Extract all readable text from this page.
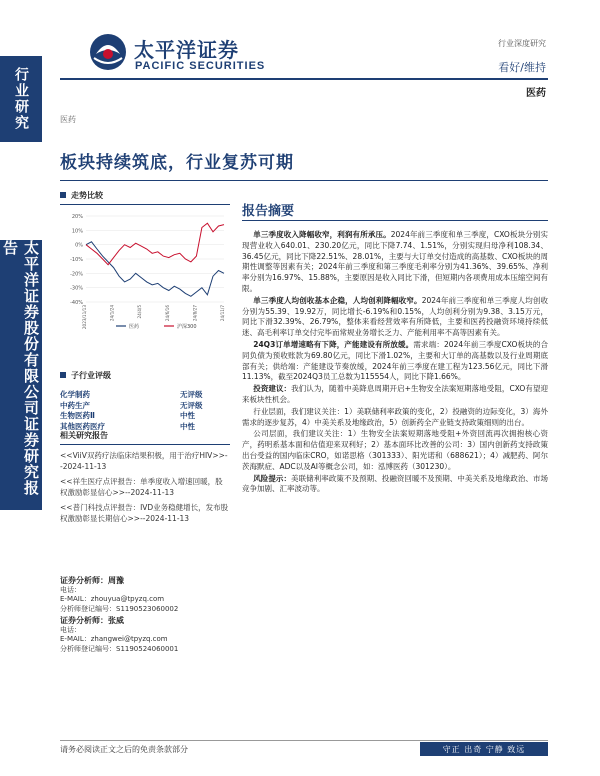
行业研究
太平洋证券股份有限公司证券研究报告
太平洋证券
PACIFIC SECURITIES
行业深度研究
看好/维持
医药
医药
板块持续筑底，行业复苏可期
走势比较
20%
10%
0%
-10%
-20%
-30%
-40%
2023/11/13	24/1/24	24/4/5	24/6/16	24/8/27	24/11/7
医药	沪深300
子行业评级
化学制药	无评级
中药生产	无评级
生物医药Ⅱ	中性
其他医药医疗	中性
相关研究报告

<<ViiV双药疗法临床结果积极，用于治疗HIV>>--2024-11-13

<<祥生医疗点评报告：单季度收入增速回暖，股权激励彰显信心>>--2024-11-13

<<普门科技点评报告：IVD业务稳健增长，发布股权激励彰显长期信心>>--2024-11-13

证券分析师：周豫
电话：
E-MAIL：zhouyua@tpyzq.com
分析师登记编号：S1190523060002
证券分析师：张威
电话：
E-MAIL：zhangwei@tpyzq.com
分析师登记编号：S1190524060001
报告摘要

单三季度收入降幅收窄，利润有所承压。2024年前三季度和单三季度，CXO板块分别实现营业收入640.01、230.20亿元，同比下降7.74、1.51%，分别实现归母净利108.34、36.45亿元，同比下降22.51%、28.01%，主要与大订单交付造成的高基数、CXO板块的周期性调整等因素有关；2024年前三季度和第三季度毛利率分别为41.36%、39.65%、净利率分别为16.97%、15.88%，主要原因是收入同比下滑，但短期内各项费用成本压缩空间有限。

单三季度人均创收基本企稳，人均创利降幅收窄。2024年前三季度和单三季度人均创收分别为55.39、19.92万，同比增长-6.19%和0.15%，人均创利分别为9.38、3.15万元，同比下滑32.39%、26.79%，整体来看经营效率有所降低，主要和医药投融资环境持续低迷、高毛利率订单交付完毕而常规业务增长乏力、产能利用率不高等因素有关。

24Q3订单增速略有下降，产能建设有所放缓。需求端：2024年前三季度CXO板块的合同负债为预收账款为69.80亿元，同比下滑1.02%，主要和大订单的高基数以及行业周期底部有关；供给端：产能建设节奏放缓，2024年前三季度在建工程为123.56亿元，同比下滑11.13%，截至2024Q3员工总数为115554人，同比下降1.66%。

投资建议：我们认为，随着中美降息周期开启+生物安全法案短期落地受阻，CXO有望迎来板块性机会。

行业层面，我们建议关注：1）美联储利率政策的变化，2）投融资的边际变化，3）海外需求的逐步复苏，4）中美关系及地缘政治，5）创新药全产业链支持政策细则的出台。

公司层面，我们建议关注：1）生物安全法案短期落地受阻+外资回流再次拥抱核心资产，药明系基本面和估值迎来双利好；2）基本面环比改善的公司：3）国内创新药支持政策出台受益的国内临床CRO，如诺思格（301333）、阳光诺和（688621）；4）减肥药、阿尔茨海默症、ADC以及AI等概念公司，如：泓博医药（301230）。

风险提示：美联储利率政策不及预期、投融资回暖不及预期、中美关系及地缘政治、市场竞争加剧、汇率波动等。

请务必阅读正文之后的免责条款部分	守正 出奇 宁静 致远
